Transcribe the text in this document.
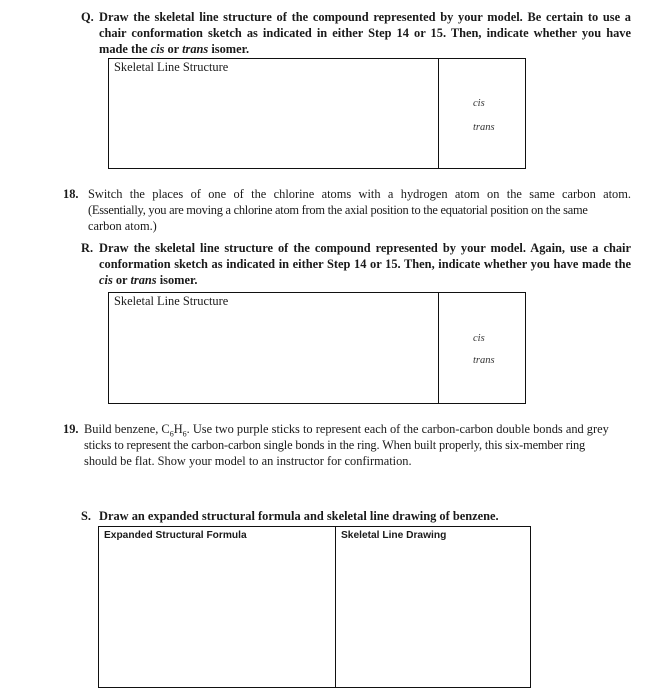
Q. Draw the skeletal line structure of the compound represented by your model. Be certain to use a
chair conformation sketch as indicated in either Step 14 or 15. Then, indicate whether you have
made the cis or trans isomer.
Skeletal Line Structure
cis
trans
18. Switch the places of one of the chlorine atoms with a hydrogen atom on the same carbon atom.
(Essentially, you are moving a chlorine atom from the axial position to the equatorial position on the same
carbon atom.)
R. Draw the skeletal line structure of the compound represented by your model. Again, use a chair
conformation sketch as indicated in either Step 14 or 15. Then, indicate whether you have made the
cis or trans isomer.
Skeletal Line Structure
cis
trans
19. Build benzene, $C_6H_6$. Use two purple sticks to represent each of the carbon-carbon double bonds and grey
sticks to represent the carbon-carbon single bonds in the ring. When built properly, this six-member ring
should be flat. Show your model to an instructor for confirmation.
S. Draw an expanded structural formula and skeletal line drawing of benzene.
Expanded Structural Formula	Skeletal Line Drawing
